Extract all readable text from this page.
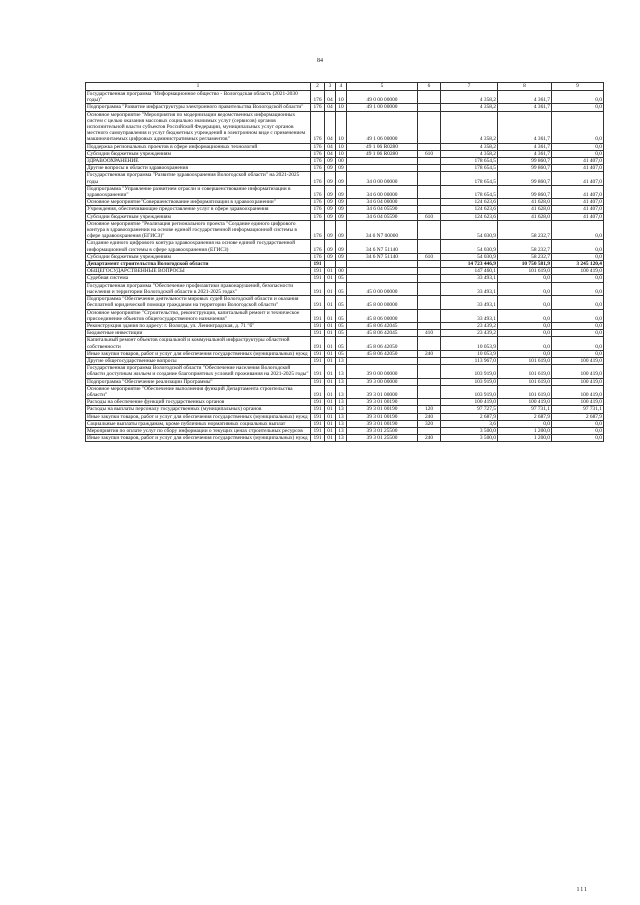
84
1	2	3	4	5	6	7	8	9
Государственная программа "Информационное общество - Вологодская область (2021-2030 годы)"	176	04	10	49 0 00 00000		4 358,2	4 361,7	0,0
Подпрограмма "Развитие инфраструктуры электронного правительства Вологодской области"	176	04	10	49 1 00 00000		4 358,2	4 361,7	0,0
Основное мероприятие "Мероприятия по модернизации ведомственных информационных систем с целью оказания массовых социально значимых услуг (сервисов) органов исполнительной власти субъектов Российской Федерации, муниципальных услуг органов местного самоуправления и услуг бюджетных учреждений в электронном виде с применением машиночитаемых цифровых административных регламентов"	176	04	10	49 1 06 00000		4 358,2	4 361,7	0,0
Поддержка региональных проектов в сфере информационных технологий	176	04	10	49 1 06 R0280		4 358,2	4 361,7	0,0
Субсидии бюджетным учреждениям	176	04	10	49 1 06 R0280	610	4 358,2	4 361,7	0,0
ЗДРАВООХРАНЕНИЕ	176	09	00			178 654,5	99 860,7	41 407,0
Другие вопросы в области здравоохранения	176	09	09			178 654,5	99 860,7	41 407,0
Государственная программа "Развитие здравоохранения Вологодской области" на 2021-2025 годы	176	09	09	34 0 00 00000		178 654,5	99 860,7	41 407,0
Подпрограмма "Управление развитием отрасли и совершенствование информатизации в здравоохранении"	176	09	09	34 6 00 00000		178 654,5	99 860,7	41 407,0
Основное мероприятие"Совершенствование информатизации в здравоохранении"	176	09	09	34 6 04 00000		124 623,6	41 628,0	41 407,0
Учреждения, обеспечивающие предоставление услуг в сфере здравоохранения	176	09	09	34 6 04 05590		124 623,6	41 628,0	41 407,0
Субсидии бюджетным учреждениям	176	09	09	34 6 04 05590	610	124 623,6	41 628,0	41 407,0
Основное мероприятие "Реализация регионального проекта "Создание единого цифрового контура в здравоохранении на основе единой государственной информационной системы в сфере здравоохранения (ЕГИСЗ)"	176	09	09	34 6 N7 00000		54 030,9	58 232,7	0,0
Создание единого цифрового контура здравоохранения на основе единой государственной информационной системы в сфере здравоохранения (ЕГИСЗ)	176	09	09	34 6 N7 51140		54 030,9	58 232,7	0,0
Субсидии бюджетным учреждениям	176	09	09	34 6 N7 51140	610	54 030,9	58 232,7	0,0
Департамент строительства Вологодской области	191					14 723 446,9	10 750 581,9	3 245 120,4
ОБЩЕГОСУДАРСТВЕННЫЕ ВОПРОСЫ	191	01	00			147 460,1	101 619,0	100 419,0
Судебная система	191	01	05			33 493,1	0,0	0,0
Государственная программа "Обеспечение профилактики правонарушений, безопасности населения и территории Вологодской области в 2021-2025 годах"	191	01	05	45 0 00 00000		33 493,1	0,0	0,0
Подпрограмма "Обеспечение деятельности мировых судей Вологодской области и оказания бесплатной юридической помощи гражданам на территории Вологодской области"	191	01	05	45 8 00 00000		33 493,1	0,0	0,0
Основное мероприятие "Строительство, реконструкция, капитальный ремонт и техническое присоединение объектов общегосударственного назначения"	191	01	05	45 8 06 00000		33 493,1	0,0	0,0
Реконструкция здания по адресу: г. Вологда, ул. Ленинградская, д. 71 "б"	191	01	05	45 8 06 42045		23 439,2	0,0	0,0
Бюджетные инвестиции	191	01	05	45 8 06 42045	410	23 439,2	0,0	0,0
Капитальный ремонт объектов социальной и коммунальной инфраструктуры областной собственности	191	01	05	45 8 06 42050		10 053,9	0,0	0,0
Иные закупки товаров, работ и услуг для обеспечения государственных (муниципальных) нужд	191	01	05	45 8 06 42050	240	10 053,9	0,0	0,0
Другие общегосударственные вопросы	191	01	13			113 967,0	101 619,0	100 419,0
Государственная программа Вологодской области "Обеспечение населения Вологодской области доступным жильем и создание благоприятных условий проживания на 2021-2025 годы"	191	01	13	39 0 00 00000		103 919,0	101 619,0	100 419,0
Подпрограмма "Обеспечение реализации Программы"	191	01	13	39 3 00 00000		103 919,0	101 619,0	100 419,0
Основное мероприятие "Обеспечение выполнения функций Департамента строительства области"	191	01	13	39 3 01 00000		103 919,0	101 619,0	100 419,0
Расходы на обеспечение функций государственных органов	191	01	13	39 3 01 00190		100 419,0	100 419,0	100 419,0
Расходы на выплаты персоналу государственных (муниципальных) органов	191	01	13	39 3 01 00190	120	97 727,5	97 731,1	97 731,1
Иные закупки товаров, работ и услуг для обеспечения государственных (муниципальных) нужд	191	01	13	39 3 01 00190	240	2 687,9	2 687,9	2 687,9
Социальные выплаты гражданам, кроме публичных нормативных социальных выплат	191	01	13	39 3 01 00190	320	3,6	0,0	0,0
Мероприятия по оплате услуг по сбору информации о текущих ценах строительных ресурсов	191	01	13	39 3 01 25500		3 500,0	1 200,0	0,0
Иные закупки товаров, работ и услуг для обеспечения государственных (муниципальных) нужд	191	01	13	39 3 01 25500	240	3 500,0	1 200,0	0,0
111
